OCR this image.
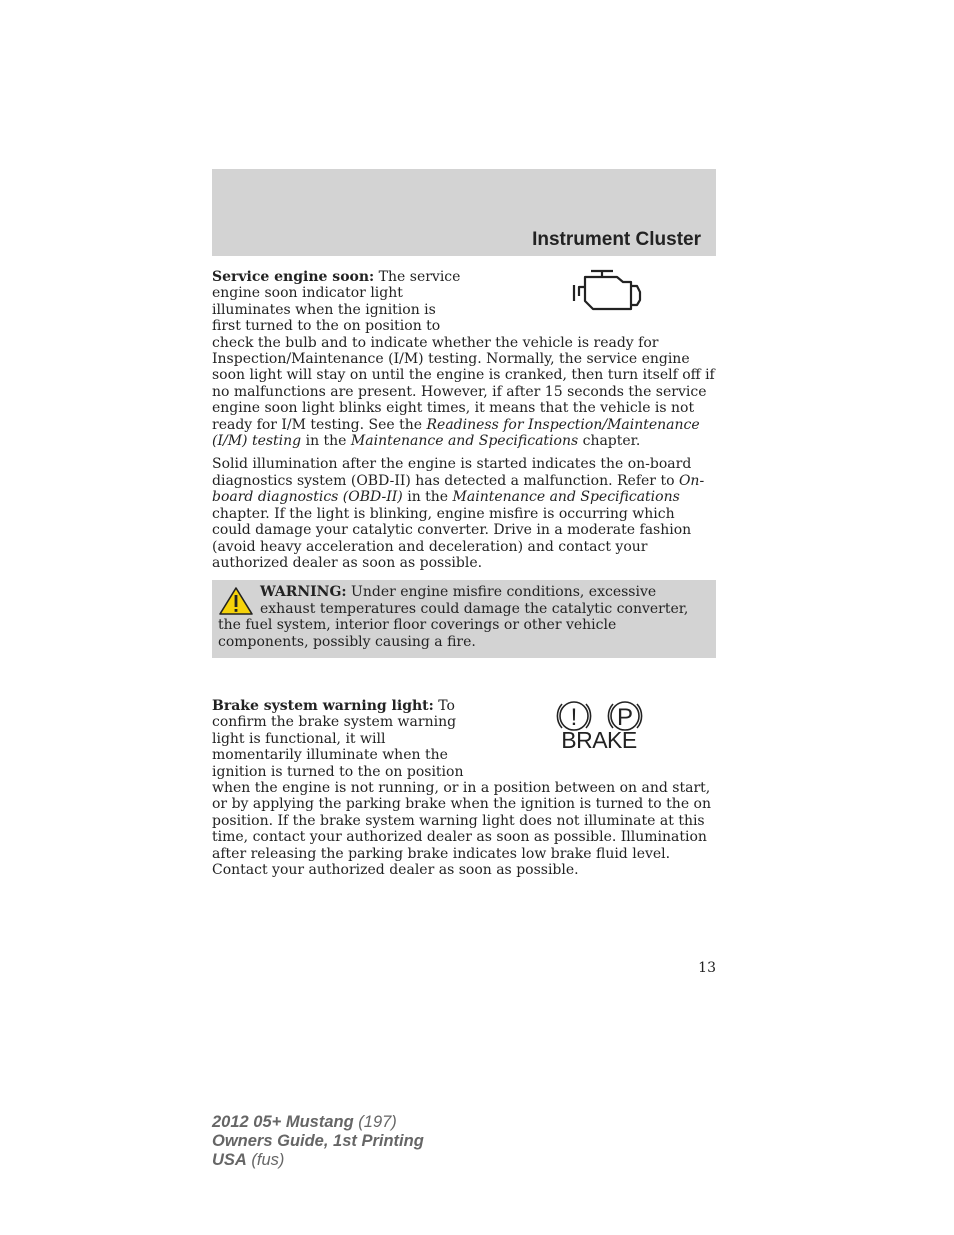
Instrument Cluster

Service engine soon: The service engine soon indicator light illuminates when the ignition is first turned to the on position to check the bulb and to indicate whether the vehicle is ready for Inspection/Maintenance (I/M) testing. Normally, the service engine soon light will stay on until the engine is cranked, then turn itself off if no malfunctions are present. However, if after 15 seconds the service engine soon light blinks eight times, it means that the vehicle is not ready for I/M testing. See the Readiness for Inspection/Maintenance (I/M) testing in the Maintenance and Specifications chapter.

Solid illumination after the engine is started indicates the on-board diagnostics system (OBD-II) has detected a malfunction. Refer to On-board diagnostics (OBD-II) in the Maintenance and Specifications chapter. If the light is blinking, engine misfire is occurring which could damage your catalytic converter. Drive in a moderate fashion (avoid heavy acceleration and deceleration) and contact your authorized dealer as soon as possible.

WARNING: Under engine misfire conditions, excessive exhaust temperatures could damage the catalytic converter, the fuel system, interior floor coverings or other vehicle components, possibly causing a fire.

! P
BRAKE
Brake system warning light: To confirm the brake system warning light is functional, it will momentarily illuminate when the ignition is turned to the on position when the engine is not running, or in a position between on and start, or by applying the parking brake when the ignition is turned to the on position. If the brake system warning light does not illuminate at this time, contact your authorized dealer as soon as possible. Illumination after releasing the parking brake indicates low brake fluid level. Contact your authorized dealer as soon as possible.

13
2012 05+ Mustang (197)
Owners Guide, 1st Printing
USA (fus)
